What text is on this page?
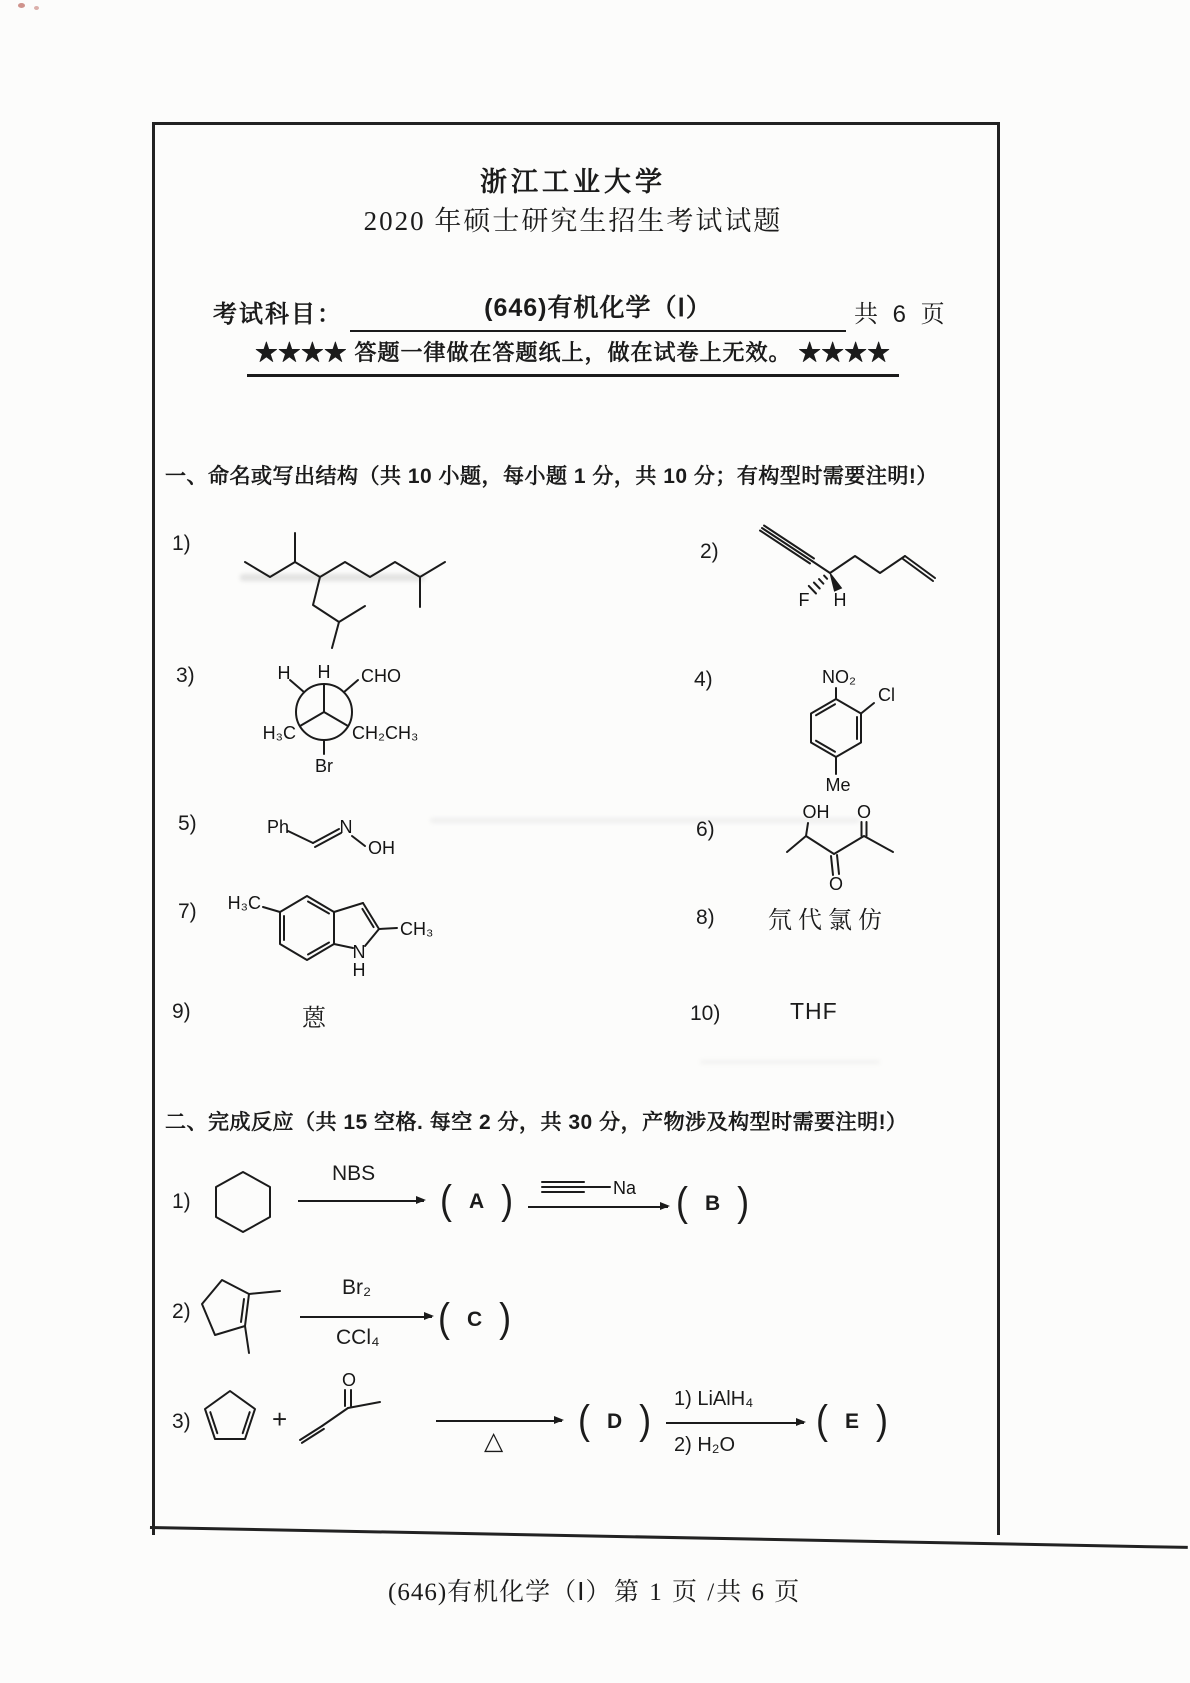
浙江工业大学
2020 年硕士研究生招生考试试题
考试科目：	(646)有机化学（Ⅰ）	共 6 页
★★★★ 答题一律做在答题纸上，做在试卷上无效。 ★★★★
一、命名或写出结构（共 10 小题，每小题 1 分，共 10 分；有构型时需要注明!）
1)	2)
3)	4)
5)	6)
7)	8)
9)	10)
F H
H
H	CHO
H₃C	CH₂CH₃
Br
NO₂
Cl
Me
Ph	N
OH
OH O
O
H₃C
CH₃
N
H
氘代氯仿
蒽	THF
二、完成反应（共 15 空格. 每空 2 分，共 30 分，产物涉及构型时需要注明!）
1)
NBS
( A )	Na ( B )
2)
Br₂
CCl₄ ( C )
3)	+
O
△ ( D ) 1) LiAlH₄
2) H₂O
( E )
(646)有机化学（Ⅰ） 第 1 页 /共 6 页
